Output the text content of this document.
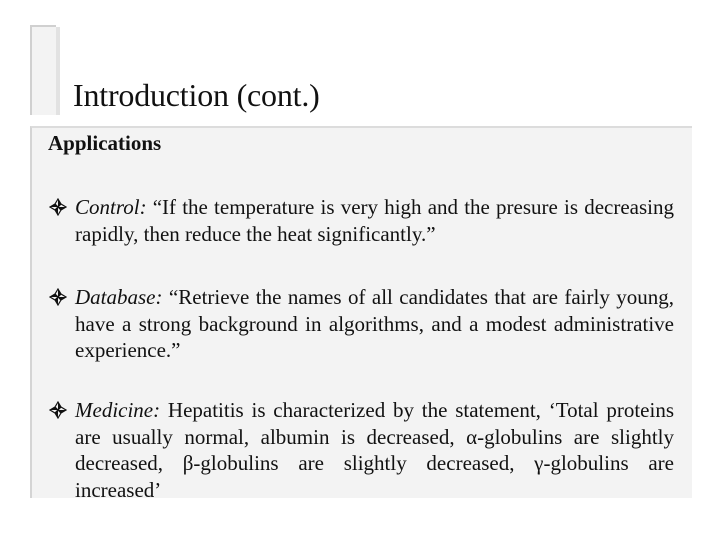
Introduction (cont.)
Applications
Control: “If the temperature is very high and the presure is decreasing rapidly, then reduce the heat significantly.”
Database: “Retrieve the names of all candidates that are fairly young, have a strong background in algorithms, and a modest administrative experience.”
Medicine: Hepatitis is characterized by the statement, ‘Total proteins are usually normal, albumin is decreased, α-globulins are slightly decreased, β-globulins are slightly decreased, γ-globulins are increased’
